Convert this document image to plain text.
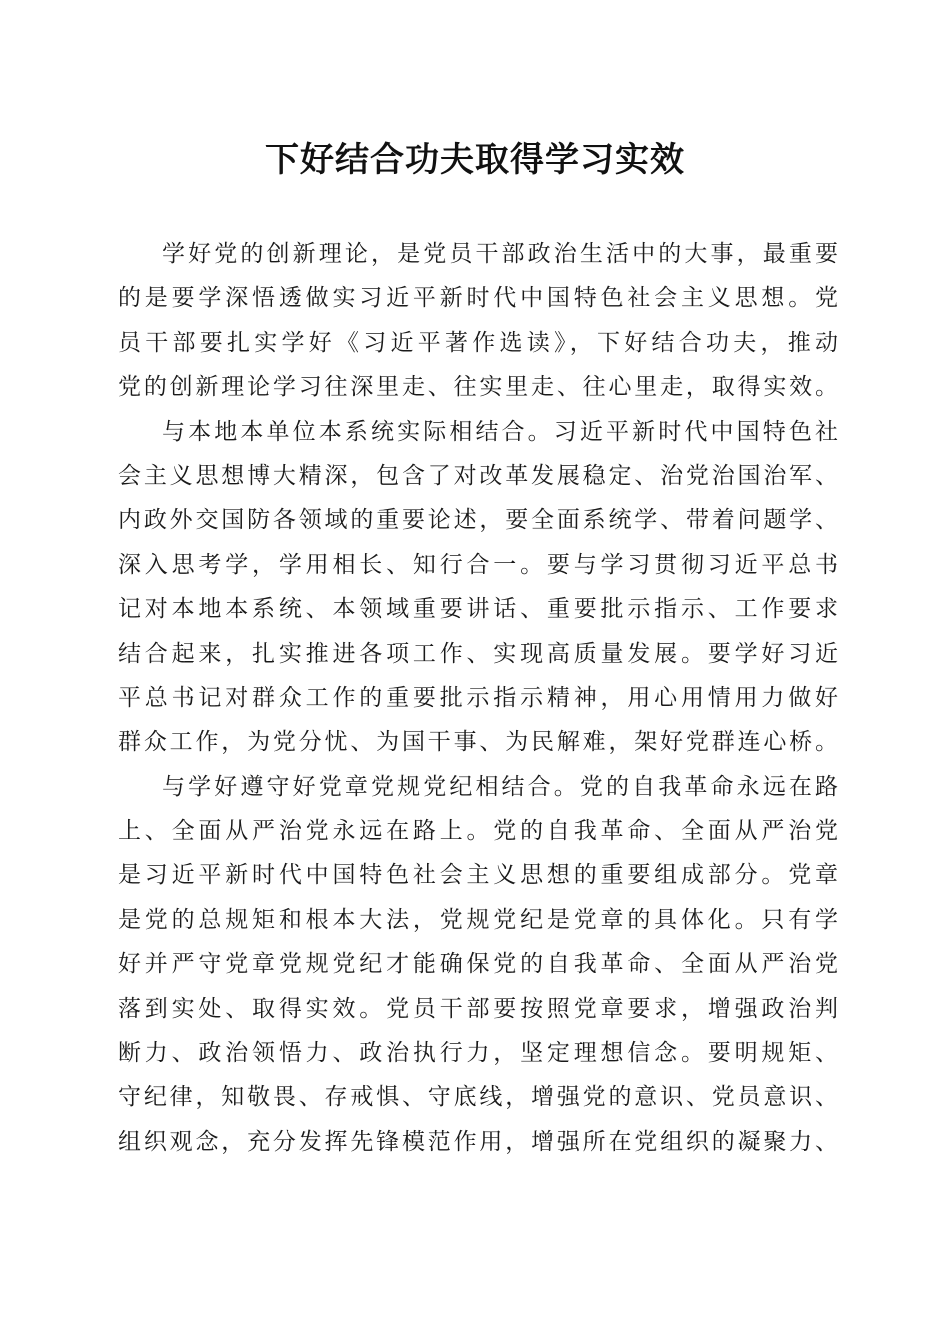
下好结合功夫取得学习实效
学好党的创新理论，是党员干部政治生活中的大事，最重要
的是要学深悟透做实习近平新时代中国特色社会主义思想。党
员干部要扎实学好《习近平著作选读》，下好结合功夫，推动
党的创新理论学习往深里走、往实里走、往心里走，取得实效。
与本地本单位本系统实际相结合。习近平新时代中国特色社
会主义思想博大精深，包含了对改革发展稳定、治党治国治军、
内政外交国防各领域的重要论述，要全面系统学、带着问题学、
深入思考学，学用相长、知行合一。要与学习贯彻习近平总书
记对本地本系统、本领域重要讲话、重要批示指示、工作要求
结合起来，扎实推进各项工作、实现高质量发展。要学好习近
平总书记对群众工作的重要批示指示精神，用心用情用力做好
群众工作，为党分忧、为国干事、为民解难，架好党群连心桥。
与学好遵守好党章党规党纪相结合。党的自我革命永远在路
上、全面从严治党永远在路上。党的自我革命、全面从严治党
是习近平新时代中国特色社会主义思想的重要组成部分。党章
是党的总规矩和根本大法，党规党纪是党章的具体化。只有学
好并严守党章党规党纪才能确保党的自我革命、全面从严治党
落到实处、取得实效。党员干部要按照党章要求，增强政治判
断力、政治领悟力、政治执行力，坚定理想信念。要明规矩、
守纪律，知敬畏、存戒惧、守底线，增强党的意识、党员意识、
组织观念，充分发挥先锋模范作用，增强所在党组织的凝聚力、
